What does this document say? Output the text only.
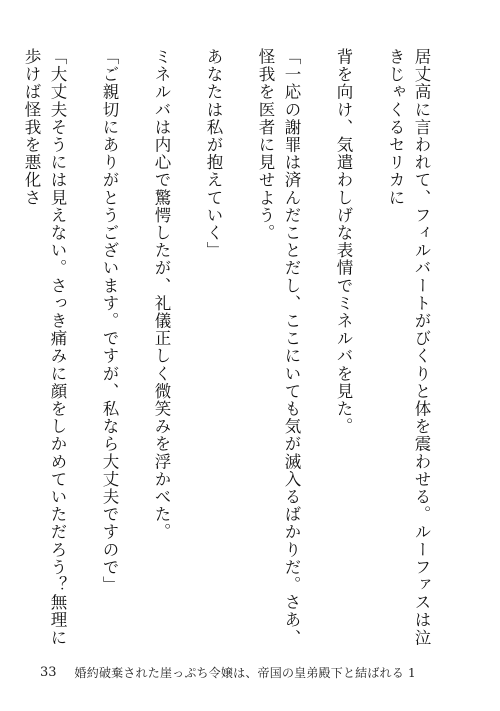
居丈高に言われて、フィルバートがびくりと体を震わせる。ルーファスは泣きじゃくるセリカに

背を向け、気遣わしげな表情でミネルバを見た。

「一応の謝罪は済んだことだし、ここにいても気が滅入るばかりだ。さあ、怪我を医者に見せよう。

あなたは私が抱えていく」

ミネルバは内心で驚愕したが、礼儀正しく微笑みを浮かべた。

「ご親切にありがとうございます。ですが、私なら大丈夫ですので」

「大丈夫そうには見えない。さっき痛みに顔をしかめていただろう？無理に歩けば怪我を悪化さ

33 婚約破棄された崖っぷち令嬢は、帝国の皇弟殿下と結ばれる 1
